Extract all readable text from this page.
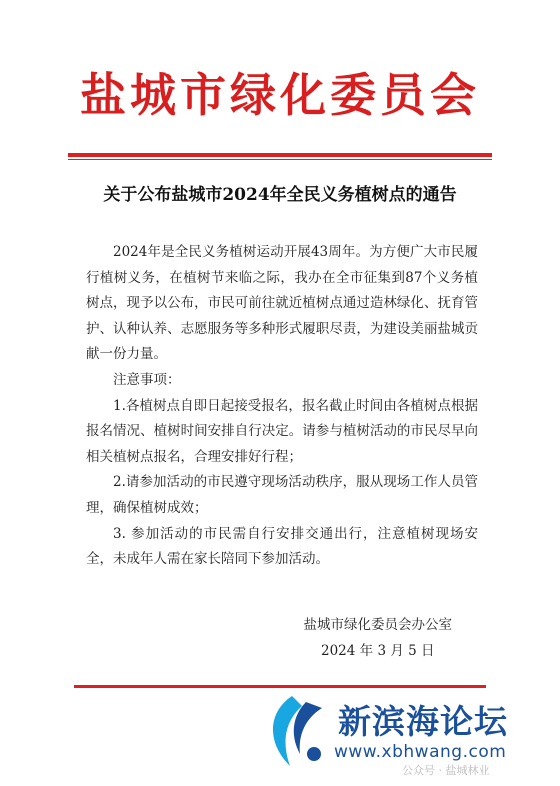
盐城市绿化委员会
关于公布盐城市2024年全民义务植树点的通告

2024年是全民义务植树运动开展43周年。为方便广大市民履行植树义务，在植树节来临之际，我办在全市征集到87个义务植树点，现予以公布，市民可前往就近植树点通过造林绿化、抚育管护、认种认养、志愿服务等多种形式履职尽责，为建设美丽盐城贡献一份力量。

注意事项：

1.各植树点自即日起接受报名，报名截止时间由各植树点根据报名情况、植树时间安排自行决定。请参与植树活动的市民尽早向相关植树点报名，合理安排好行程；

2.请参加活动的市民遵守现场活动秩序，服从现场工作人员管理，确保植树成效；

3. 参加活动的市民需自行安排交通出行，注意植树现场安全，未成年人需在家长陪同下参加活动。

盐城市绿化委员会办公室
2024 年 3 月 5 日
新滨海论坛
www.xbhwang.com
公众号 · 盐城林业
